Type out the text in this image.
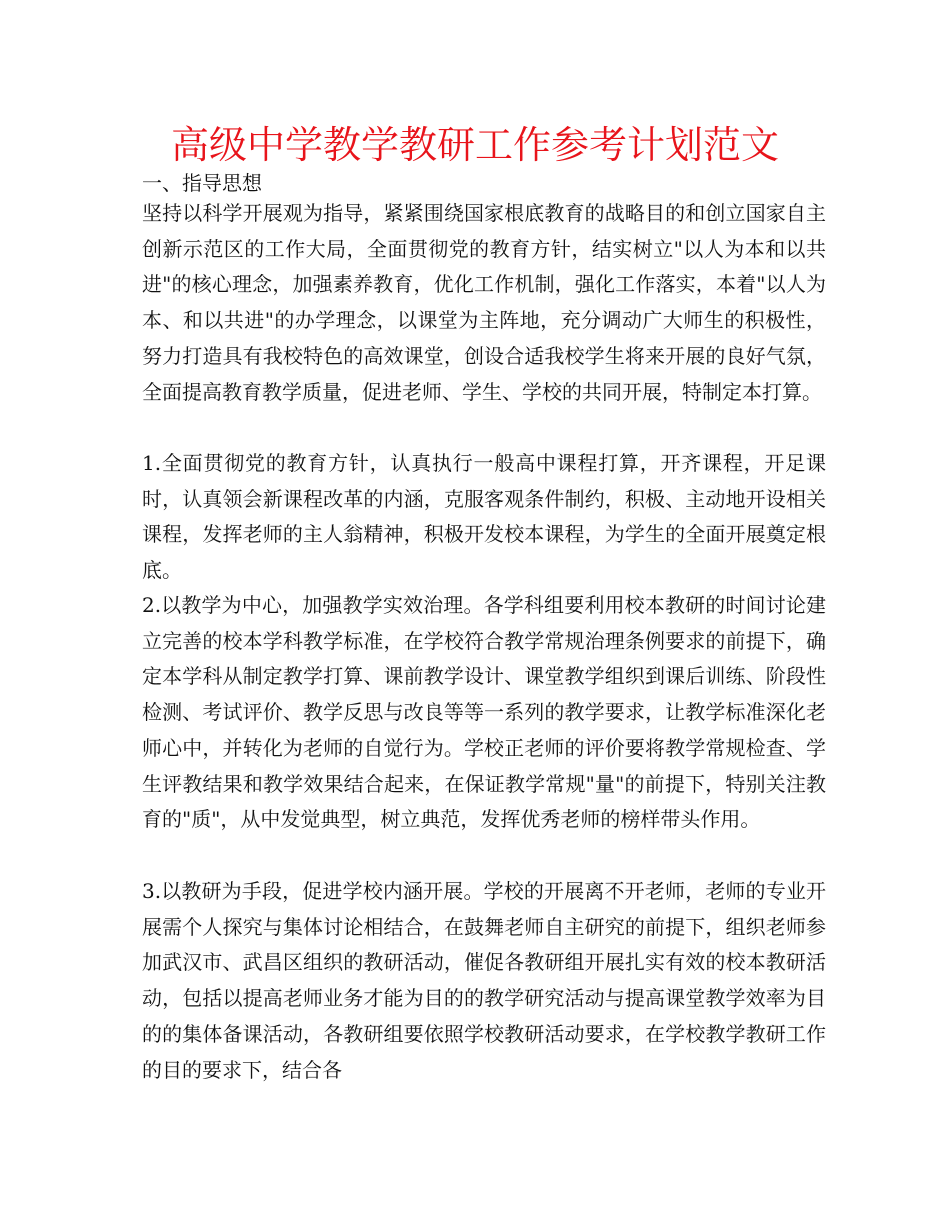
高级中学教学教研工作参考计划范文

一、指导思想

坚持以科学开展观为指导，紧紧围绕国家根底教育的战略目的和创立国家自主创新示范区的工作大局，全面贯彻党的教育方针，结实树立"以人为本和以共进"的核心理念，加强素养教育，优化工作机制，强化工作落实，本着"以人为本、和以共进"的办学理念，以课堂为主阵地，充分调动广大师生的积极性，努力打造具有我校特色的高效课堂，创设合适我校学生将来开展的良好气氛，全面提高教育教学质量，促进老师、学生、学校的共同开展，特制定本打算。

1.全面贯彻党的教育方针，认真执行一般高中课程打算，开齐课程，开足课时，认真领会新课程改革的内涵，克服客观条件制约，积极、主动地开设相关课程，发挥老师的主人翁精神，积极开发校本课程，为学生的全面开展奠定根底。

2.以教学为中心，加强教学实效治理。各学科组要利用校本教研的时间讨论建立完善的校本学科教学标准，在学校符合教学常规治理条例要求的前提下，确定本学科从制定教学打算、课前教学设计、课堂教学组织到课后训练、阶段性检测、考试评价、教学反思与改良等等一系列的教学要求，让教学标准深化老师心中，并转化为老师的自觉行为。学校正老师的评价要将教学常规检查、学生评教结果和教学效果结合起来，在保证教学常规"量"的前提下，特别关注教育的"质"，从中发觉典型，树立典范，发挥优秀老师的榜样带头作用。

3.以教研为手段，促进学校内涵开展。学校的开展离不开老师，老师的专业开展需个人探究与集体讨论相结合，在鼓舞老师自主研究的前提下，组织老师参加武汉市、武昌区组织的教研活动，催促各教研组开展扎实有效的校本教研活动，包括以提高老师业务才能为目的的教学研究活动与提高课堂教学效率为目的的集体备课活动，各教研组要依照学校教研活动要求，在学校教学教研工作的目的要求下，结合各
